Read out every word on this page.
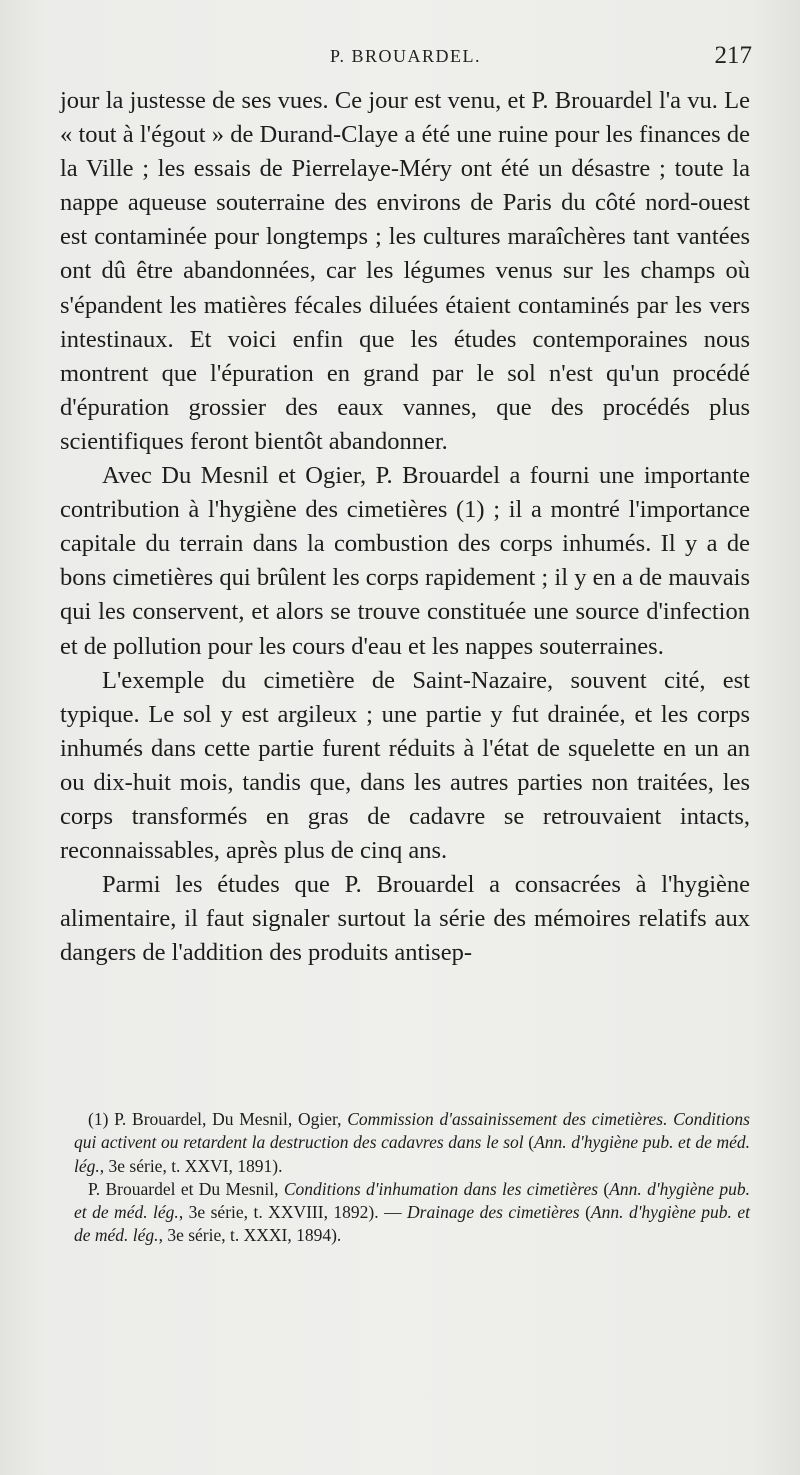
P. BROUARDEL.	217

jour la justesse de ses vues. Ce jour est venu, et P. Brouardel l'a vu. Le « tout à l'égout » de Durand-Claye a été une ruine pour les finances de la Ville ; les essais de Pierrelaye-Méry ont été un désastre ; toute la nappe aqueuse souterraine des environs de Paris du côté nord-ouest est contaminée pour longtemps ; les cultures maraîchères tant vantées ont dû être abandonnées, car les légumes venus sur les champs où s'épandent les matières fécales diluées étaient contaminés par les vers intestinaux. Et voici enfin que les études contemporaines nous montrent que l'épuration en grand par le sol n'est qu'un procédé d'épuration grossier des eaux vannes, que des procédés plus scientifiques feront bientôt abandonner.

Avec Du Mesnil et Ogier, P. Brouardel a fourni une importante contribution à l'hygiène des cimetières (1) ; il a montré l'importance capitale du terrain dans la combustion des corps inhumés. Il y a de bons cimetières qui brûlent les corps rapidement ; il y en a de mauvais qui les conservent, et alors se trouve constituée une source d'infection et de pollution pour les cours d'eau et les nappes souterraines.

L'exemple du cimetière de Saint-Nazaire, souvent cité, est typique. Le sol y est argileux ; une partie y fut drainée, et les corps inhumés dans cette partie furent réduits à l'état de squelette en un an ou dix-huit mois, tandis que, dans les autres parties non traitées, les corps transformés en gras de cadavre se retrouvaient intacts, reconnaissables, après plus de cinq ans.

Parmi les études que P. Brouardel a consacrées à l'hygiène alimentaire, il faut signaler surtout la série des mémoires relatifs aux dangers de l'addition des produits antisep-

(1) P. Brouardel, Du Mesnil, Ogier, Commission d'assainissement des cimetières. Conditions qui activent ou retardent la destruction des cadavres dans le sol (Ann. d'hygiène pub. et de méd. lég., 3e série, t. XXVI, 1891).

P. Brouardel et Du Mesnil, Conditions d'inhumation dans les cimetières (Ann. d'hygiène pub. et de méd. lég., 3e série, t. XXVIII, 1892). — Drainage des cimetières (Ann. d'hygiène pub. et de méd. lég., 3e série, t. XXXI, 1894).
